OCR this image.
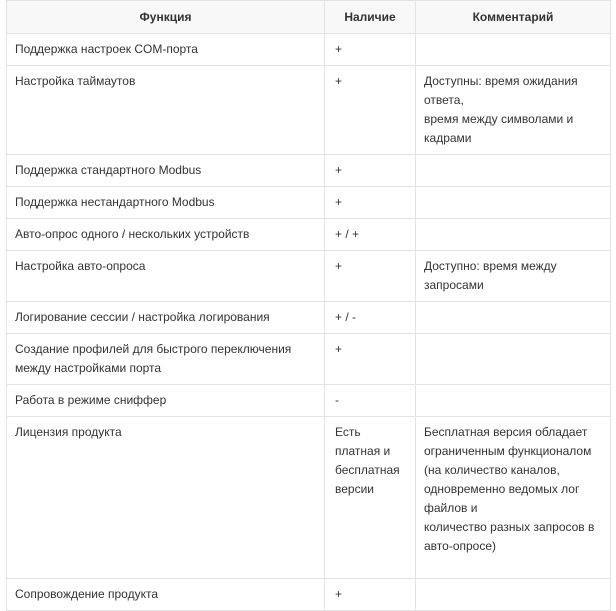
Функция	Наличие	Комментарий

Поддержка настроек COM-порта	+	

Настройка таймаутов	+	Доступны: время ожидания ответа,
время между символами и кадрами

Поддержка стандартного Modbus	+	

Поддержка нестандартного Modbus	+	

Авто-опрос одного / нескольких устройств	+ / +	

Настройка авто-опроса	+	Доступно: время между запросами

Логирование сессии / настройка логирования	+ / -	

Создание профилей для быстрого переключения между настройками порта	+	

Работа в режиме сниффер	-	

Лицензия продукта	Есть платная и бесплатная версии	Бесплатная версия обладает ограниченным функционалом
(на количество каналов, одновременно ведомых лог файлов и
количество разных запросов в авто-опросе)

Сопровождение продукта	+	
